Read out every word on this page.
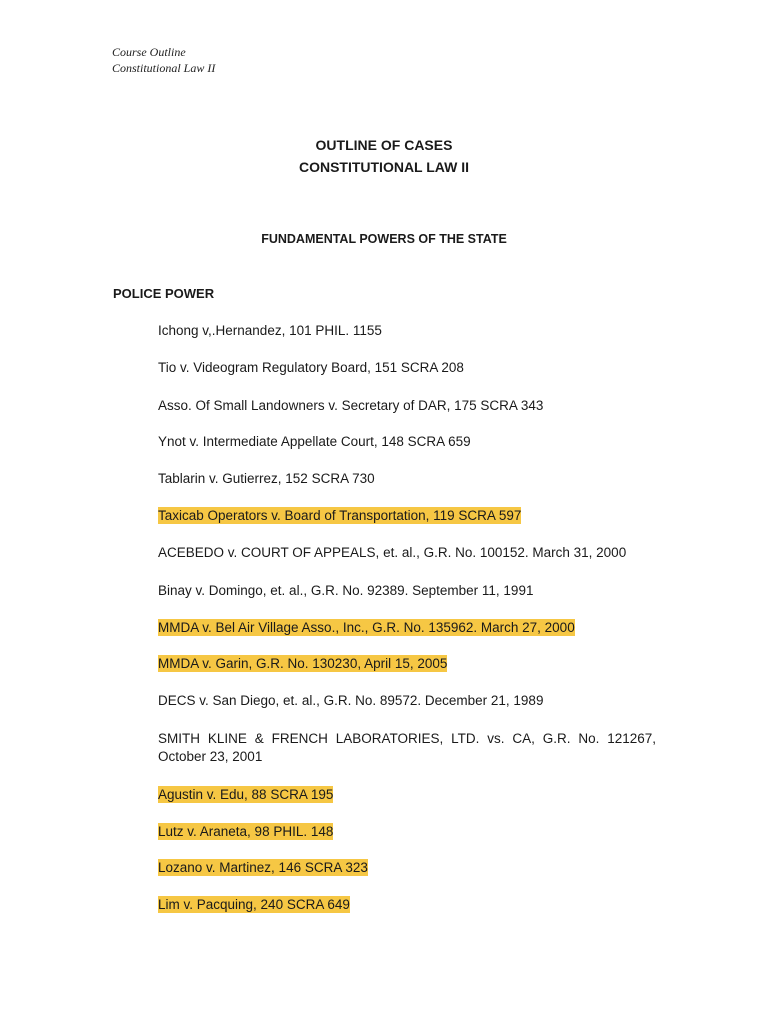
Course Outline
Constitutional Law II
OUTLINE OF CASES
CONSTITUTIONAL LAW II
FUNDAMENTAL POWERS OF THE STATE
POLICE POWER
Ichong v,.Hernandez, 101 PHIL. 1155
Tio v. Videogram Regulatory Board, 151 SCRA 208
Asso. Of Small Landowners v. Secretary of DAR, 175 SCRA 343
Ynot v. Intermediate Appellate Court, 148 SCRA 659
Tablarin v. Gutierrez, 152 SCRA 730
Taxicab Operators v. Board of Transportation, 119 SCRA 597
ACEBEDO v. COURT OF APPEALS, et. al., G.R. No. 100152. March 31, 2000
Binay v. Domingo, et. al., G.R. No. 92389. September 11, 1991
MMDA v. Bel Air Village Asso., Inc., G.R. No. 135962. March 27, 2000
MMDA v. Garin, G.R. No. 130230, April 15, 2005
DECS v. San Diego, et. al., G.R. No. 89572. December 21, 1989
SMITH KLINE & FRENCH LABORATORIES, LTD. vs. CA, G.R. No. 121267, October 23, 2001
Agustin v. Edu, 88 SCRA 195
Lutz v. Araneta, 98 PHIL. 148
Lozano v. Martinez, 146 SCRA 323
Lim v. Pacquing, 240 SCRA 649
